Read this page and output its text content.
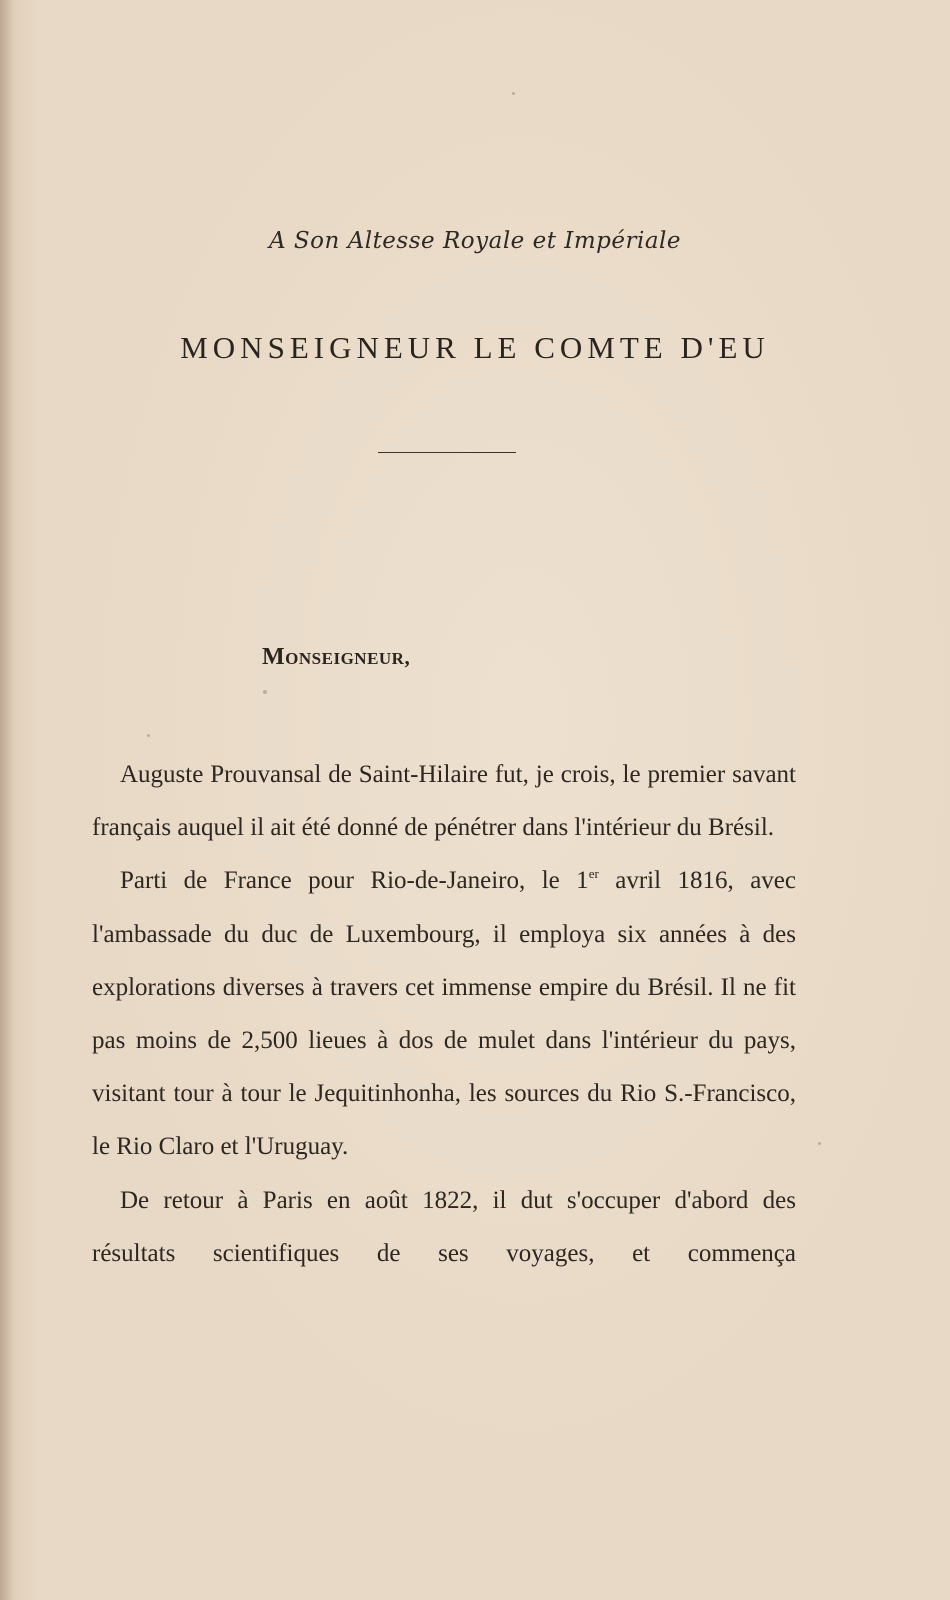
A Son Altesse Royale et Impériale
MONSEIGNEUR LE COMTE D'EU
MONSEIGNEUR,

Auguste Prouvansal de Saint-Hilaire fut, je crois, le premier savant français auquel il ait été donné de pénétrer dans l'intérieur du Brésil.

Parti de France pour Rio-de-Janeiro, le 1er avril 1816, avec l'ambassade du duc de Luxembourg, il employa six années à des explorations diverses à travers cet immense empire du Brésil. Il ne fit pas moins de 2,500 lieues à dos de mulet dans l'intérieur du pays, visitant tour à tour le Jequitinhonha, les sources du Rio S.-Francisco, le Rio Claro et l'Uruguay.

De retour à Paris en août 1822, il dut s'occuper d'abord des résultats scientifiques de ses voyages, et commença
